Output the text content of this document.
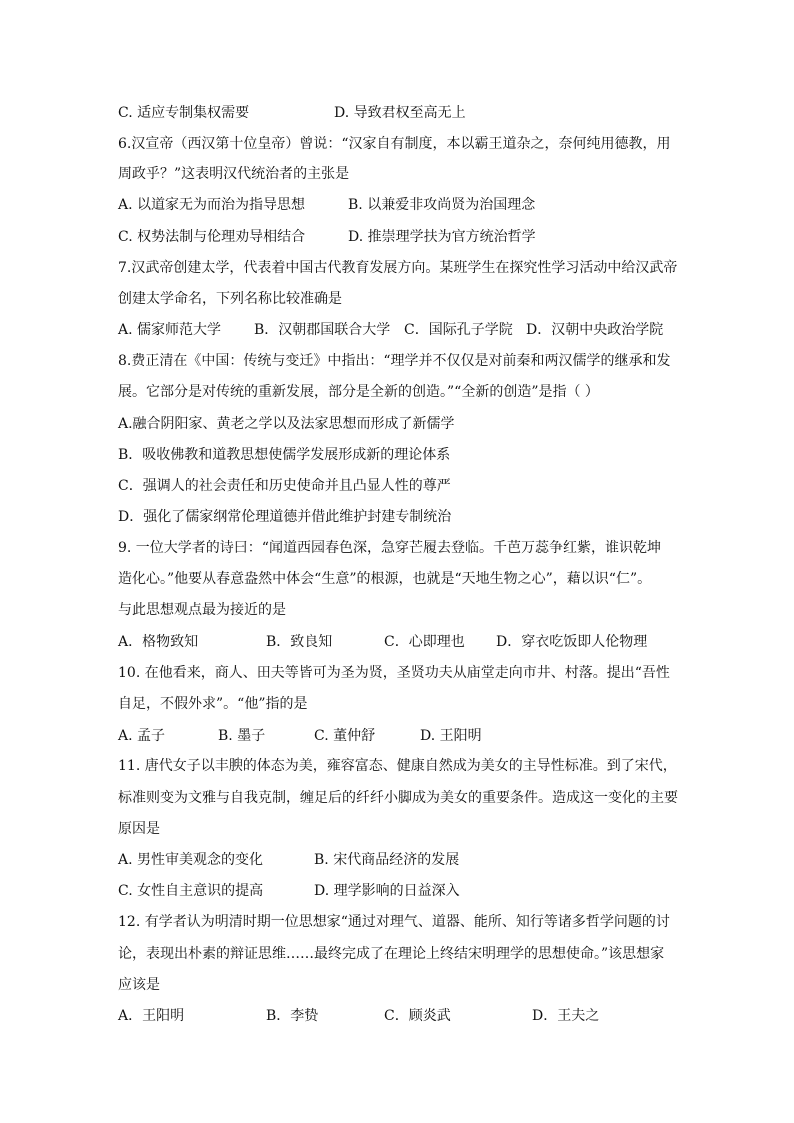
C. 适应专制集权需要	D. 导致君权至高无上
6.汉宣帝（西汉第十位皇帝）曾说：“汉家自有制度，本以霸王道杂之，奈何纯用德教，用
周政乎？”这表明汉代统治者的主张是
A. 以道家无为而治为指导思想	B. 以兼爱非攻尚贤为治国理念
C. 权势法制与伦理劝导相结合	D. 推崇理学扶为官方统治哲学
7.汉武帝创建太学，代表着中国古代教育发展方向。某班学生在探究性学习活动中给汉武帝
创建太学命名，下列名称比较准确是
A. 儒家师范大学 B．汉朝郡国联合大学 C．国际孔子学院 D．汉朝中央政治学院
8.费正清在《中国：传统与变迁》中指出：“理学并不仅仅是对前秦和两汉儒学的继承和发
展。它部分是对传统的重新发展，部分是全新的创造。”“全新的创造”是指（ ）
A.融合阴阳家、黄老之学以及法家思想而形成了新儒学
B．吸收佛教和道教思想使儒学发展形成新的理论体系
C．强调人的社会责任和历史使命并且凸显人性的尊严
D．强化了儒家纲常伦理道德并借此维护封建专制统治
9. 一位大学者的诗曰：“闻道西园春色深，急穿芒履去登临。千芭万蕊争红紫，谁识乾坤
造化心。”他要从春意盎然中体会“生意”的根源，也就是“天地生物之心”，藉以识“仁”。
与此思想观点最为接近的是
A．格物致知	B．致良知	C．心即理也 D．穿衣吃饭即人伦物理
10. 在他看来，商人、田夫等皆可为圣为贤，圣贤功夫从庙堂走向市井、村落。提出“吾性
自足，不假外求”。“他”指的是
A. 孟子	B. 墨子	C. 董仲舒	D. 王阳明
11. 唐代女子以丰腴的体态为美，雍容富态、健康自然成为美女的主导性标准。到了宋代，
标准则变为文雅与自我克制，缠足后的纤纤小脚成为美女的重要条件。造成这一变化的主要
原因是
A. 男性审美观念的变化	B. 宋代商品经济的发展
C. 女性自主意识的提高	D. 理学影响的日益深入
12. 有学者认为明清时期一位思想家“通过对理气、道器、能所、知行等诸多哲学问题的讨
论，表现出朴素的辩证思维……最终完成了在理论上终结宋明理学的思想使命。”该思想家
应该是
A．王阳明	B．李贽	C．顾炎武	D．王夫之
